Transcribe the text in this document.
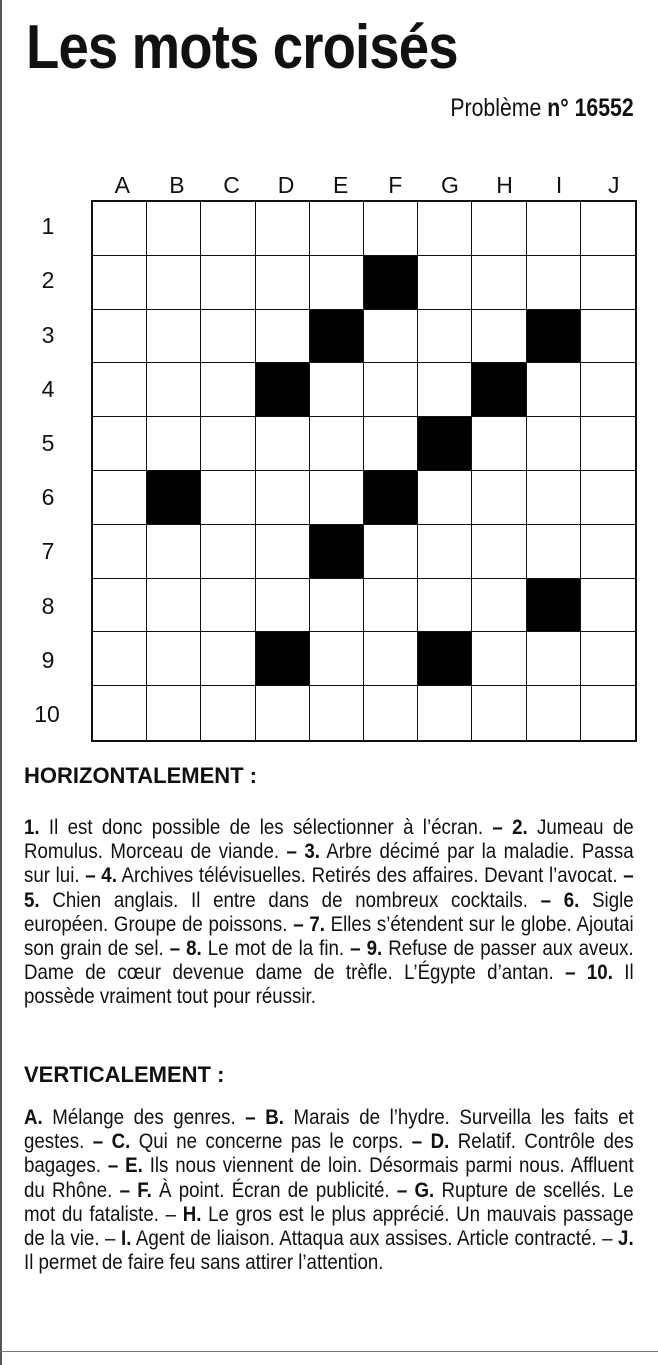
Les mots croisés
Problème n° 16552
A	B	C	D	E	F	G	H	I	J
1
2
3
4
5
6
7
8
9
10
HORIZONTALEMENT :
1. Il est donc possible de les sélectionner à l’écran. – 2. Jumeau de Romulus. Morceau de viande. – 3. Arbre décimé par la maladie. Passa sur lui. – 4. Archives télévisuelles. Retirés des affaires. Devant l’avocat. – 5. Chien anglais. Il entre dans de nombreux cocktails. – 6. Sigle européen. Groupe de poissons. – 7. Elles s’étendent sur le globe. Ajoutai son grain de sel. – 8. Le mot de la fin. – 9. Refuse de passer aux aveux. Dame de cœur devenue dame de trèfle. L’Égypte d’antan. – 10. Il possède vraiment tout pour réussir.
VERTICALEMENT :
A. Mélange des genres. – B. Marais de l’hydre. Surveilla les faits et gestes. – C. Qui ne concerne pas le corps. – D. Relatif. Contrôle des bagages. – E. Ils nous viennent de loin. Désormais parmi nous. Affluent du Rhône. – F. À point. Écran de publicité. – G. Rupture de scellés. Le mot du fataliste. – H. Le gros est le plus apprécié. Un mauvais passage de la vie. – I. Agent de liaison. Attaqua aux assises. Article contracté. – J. Il permet de faire feu sans attirer l’attention.
